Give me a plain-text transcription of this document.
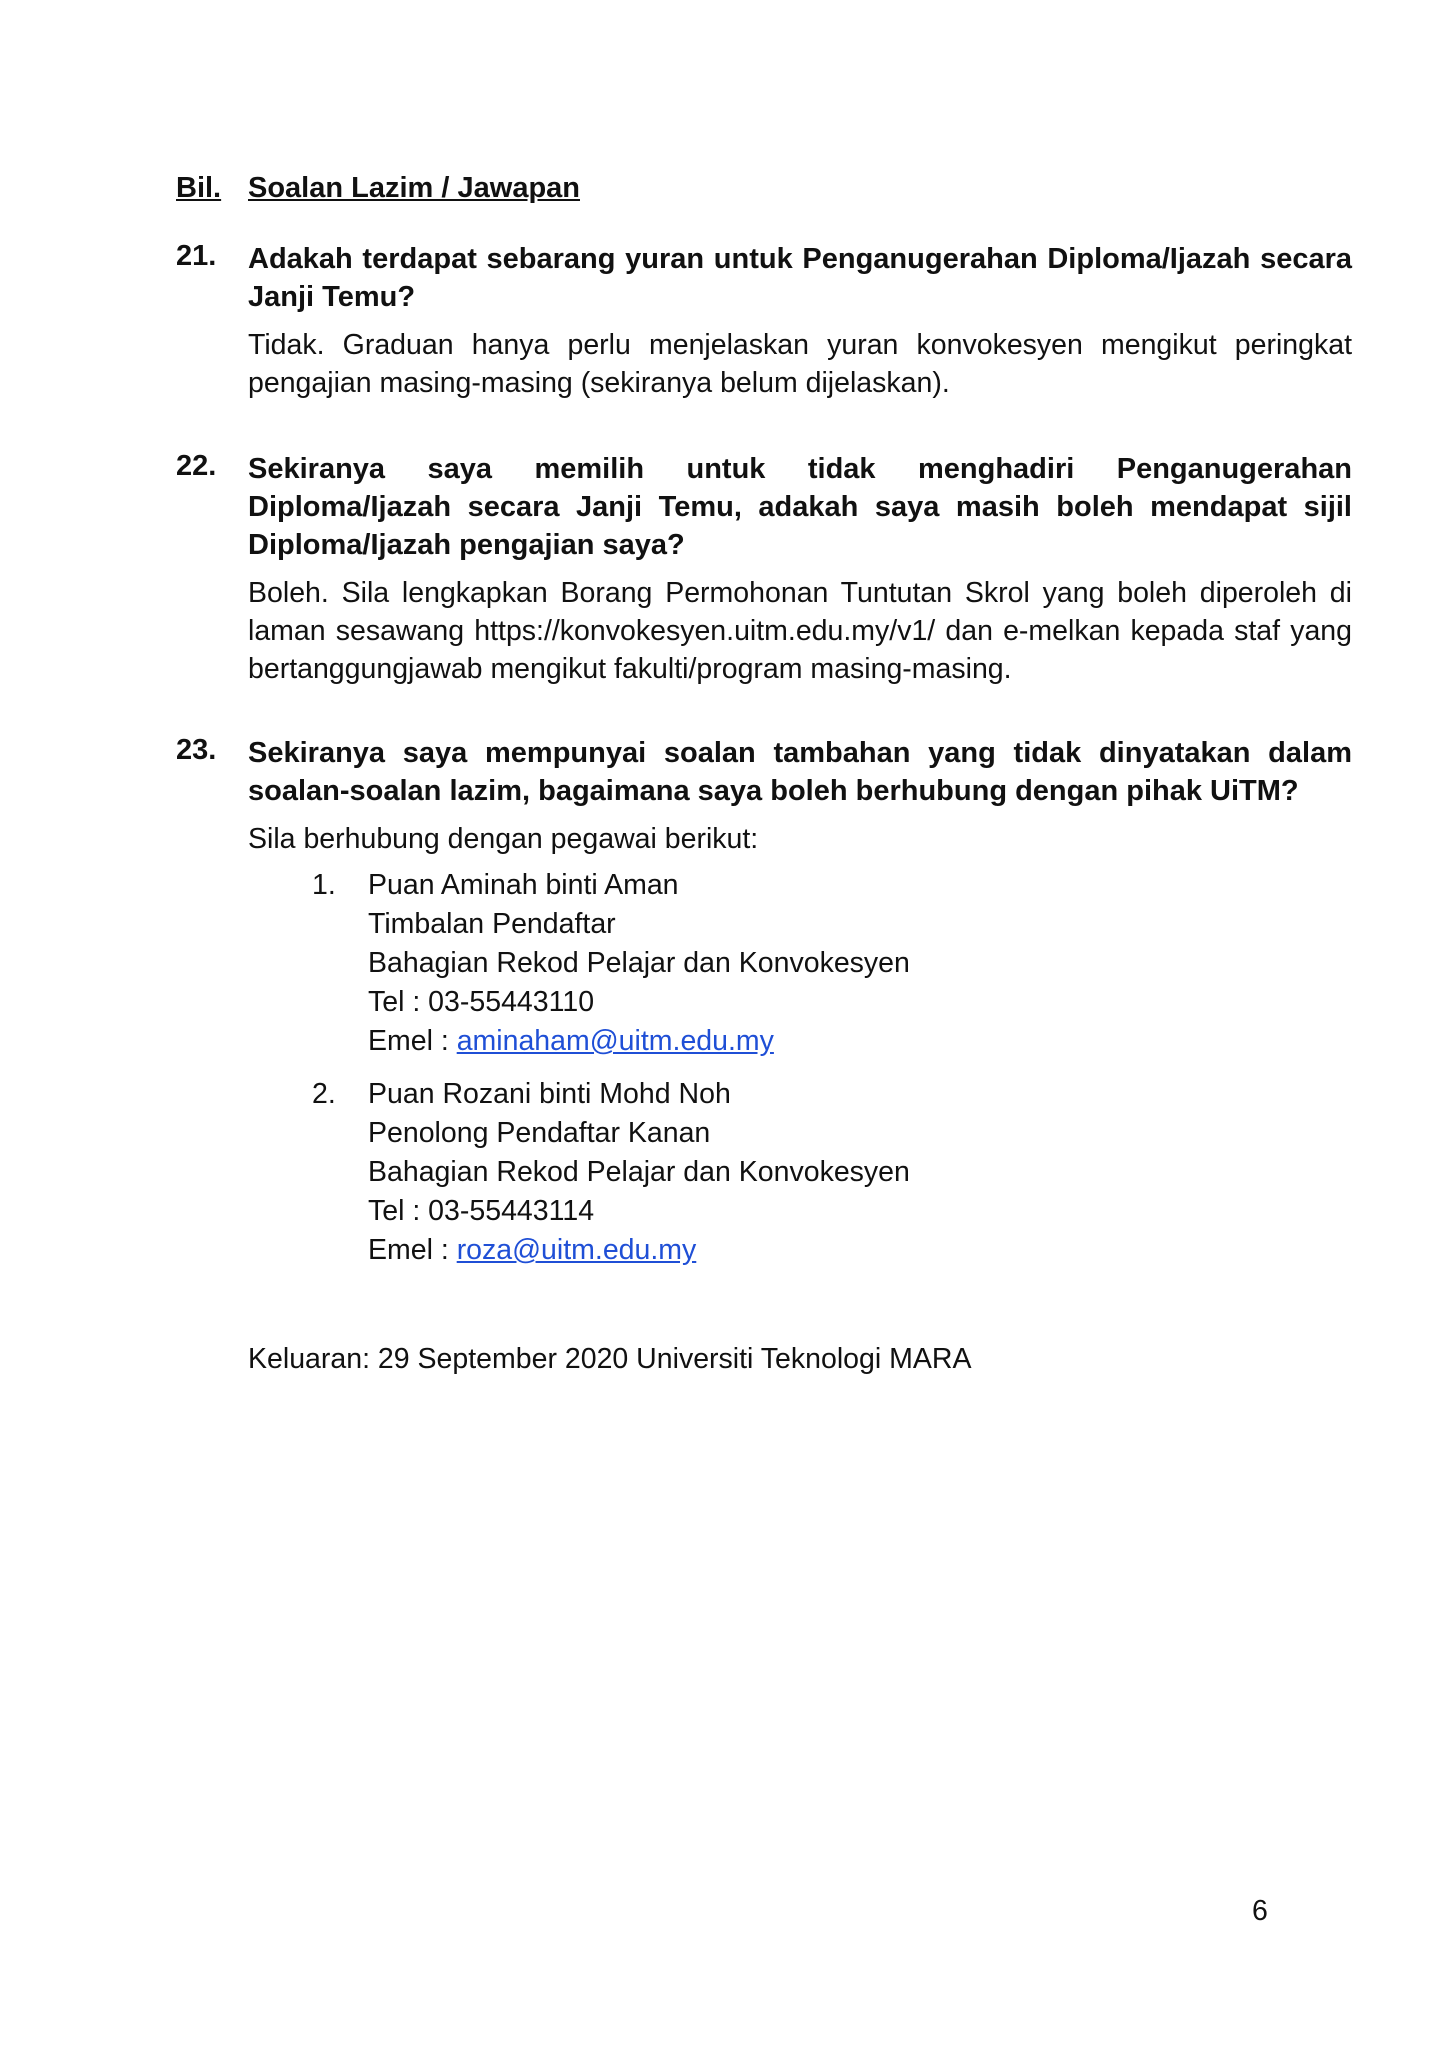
Bil. Soalan Lazim / Jawapan
21. Adakah terdapat sebarang yuran untuk Penganugerahan Diploma/Ijazah secara Janji Temu?

Tidak. Graduan hanya perlu menjelaskan yuran konvokesyen mengikut peringkat pengajian masing-masing (sekiranya belum dijelaskan).

22. Sekiranya saya memilih untuk tidak menghadiri Penganugerahan Diploma/Ijazah secara Janji Temu, adakah saya masih boleh mendapat sijil Diploma/Ijazah pengajian saya?

Boleh. Sila lengkapkan Borang Permohonan Tuntutan Skrol yang boleh diperoleh di laman sesawang https://konvokesyen.uitm.edu.my/v1/ dan e-melkan kepada staf yang bertanggungjawab mengikut fakulti/program masing-masing.

23. Sekiranya saya mempunyai soalan tambahan yang tidak dinyatakan dalam soalan-soalan lazim, bagaimana saya boleh berhubung dengan pihak UiTM?

Sila berhubung dengan pegawai berikut:

1. Puan Aminah binti Aman
Timbalan Pendaftar
Bahagian Rekod Pelajar dan Konvokesyen
Tel : 03-55443110
Emel : aminaham@uitm.edu.my
2. Puan Rozani binti Mohd Noh
Penolong Pendaftar Kanan
Bahagian Rekod Pelajar dan Konvokesyen
Tel : 03-55443114
Emel : roza@uitm.edu.my
Keluaran: 29 September 2020 Universiti Teknologi MARA
6
